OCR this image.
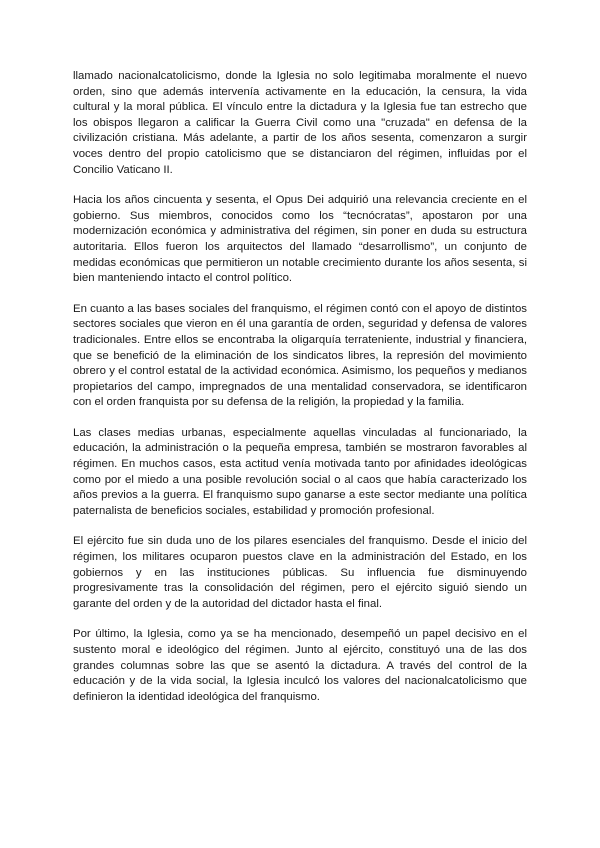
llamado nacionalcatolicismo, donde la Iglesia no solo legitimaba moralmente el nuevo orden, sino que además intervenía activamente en la educación, la censura, la vida cultural y la moral pública. El vínculo entre la dictadura y la Iglesia fue tan estrecho que los obispos llegaron a calificar la Guerra Civil como una "cruzada" en defensa de la civilización cristiana. Más adelante, a partir de los años sesenta, comenzaron a surgir voces dentro del propio catolicismo que se distanciaron del régimen, influidas por el Concilio Vaticano II.

Hacia los años cincuenta y sesenta, el Opus Dei adquirió una relevancia creciente en el gobierno. Sus miembros, conocidos como los “tecnócratas”, apostaron por una modernización económica y administrativa del régimen, sin poner en duda su estructura autoritaria. Ellos fueron los arquitectos del llamado “desarrollismo”, un conjunto de medidas económicas que permitieron un notable crecimiento durante los años sesenta, si bien manteniendo intacto el control político.

En cuanto a las bases sociales del franquismo, el régimen contó con el apoyo de distintos sectores sociales que vieron en él una garantía de orden, seguridad y defensa de valores tradicionales. Entre ellos se encontraba la oligarquía terrateniente, industrial y financiera, que se benefició de la eliminación de los sindicatos libres, la represión del movimiento obrero y el control estatal de la actividad económica. Asimismo, los pequeños y medianos propietarios del campo, impregnados de una mentalidad conservadora, se identificaron con el orden franquista por su defensa de la religión, la propiedad y la familia.

Las clases medias urbanas, especialmente aquellas vinculadas al funcionariado, la educación, la administración o la pequeña empresa, también se mostraron favorables al régimen. En muchos casos, esta actitud venía motivada tanto por afinidades ideológicas como por el miedo a una posible revolución social o al caos que había caracterizado los años previos a la guerra. El franquismo supo ganarse a este sector mediante una política paternalista de beneficios sociales, estabilidad y promoción profesional.

El ejército fue sin duda uno de los pilares esenciales del franquismo. Desde el inicio del régimen, los militares ocuparon puestos clave en la administración del Estado, en los gobiernos y en las instituciones públicas. Su influencia fue disminuyendo progresivamente tras la consolidación del régimen, pero el ejército siguió siendo un garante del orden y de la autoridad del dictador hasta el final.

Por último, la Iglesia, como ya se ha mencionado, desempeñó un papel decisivo en el sustento moral e ideológico del régimen. Junto al ejército, constituyó una de las dos grandes columnas sobre las que se asentó la dictadura. A través del control de la educación y de la vida social, la Iglesia inculcó los valores del nacionalcatolicismo que definieron la identidad ideológica del franquismo.
